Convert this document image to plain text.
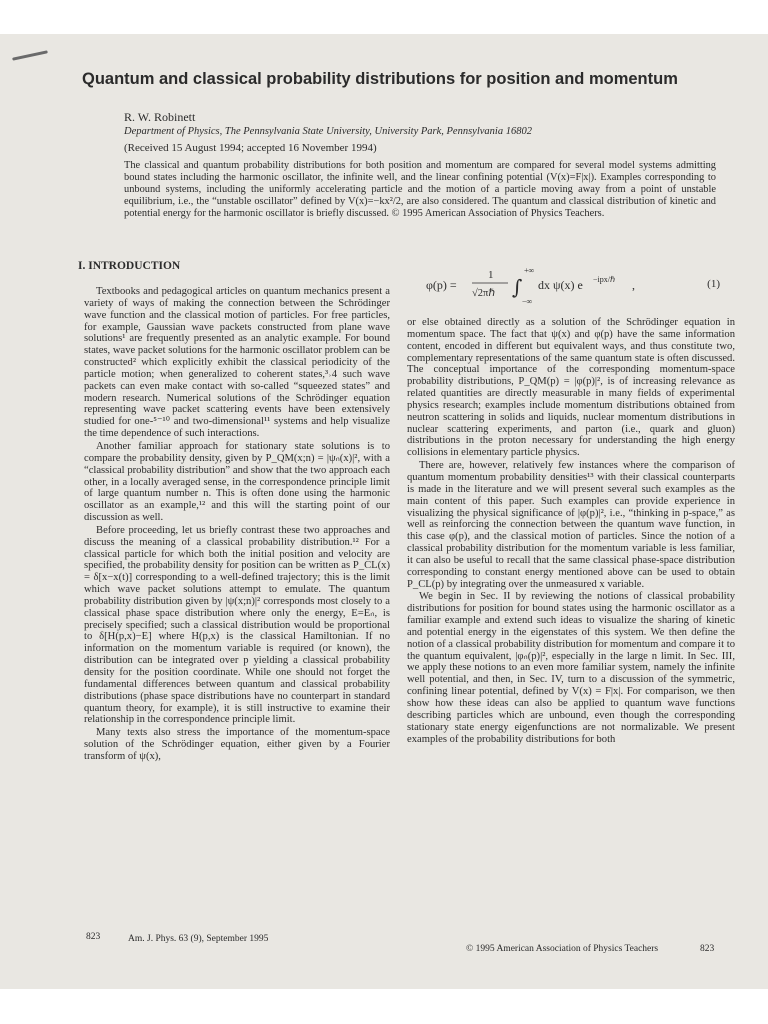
Quantum and classical probability distributions for position and momentum
R. W. Robinett
Department of Physics, The Pennsylvania State University, University Park, Pennsylvania 16802
(Received 15 August 1994; accepted 16 November 1994)
The classical and quantum probability distributions for both position and momentum are compared for several model systems admitting bound states including the harmonic oscillator, the infinite well, and the linear confining potential (V(x)=F|x|). Examples corresponding to unbound systems, including the uniformly accelerating particle and the motion of a particle moving away from a point of unstable equilibrium, i.e., the “unstable oscillator” defined by V(x)=−kx²/2, are also considered. The quantum and classical distribution of kinetic and potential energy for the harmonic oscillator is briefly discussed. © 1995 American Association of Physics Teachers.
I. INTRODUCTION

Textbooks and pedagogical articles on quantum mechanics present a variety of ways of making the connection between the Schrödinger wave function and the classical motion of particles. For free particles, for example, Gaussian wave packets constructed from plane wave solutions¹ are frequently presented as an analytic example. For bound states, wave packet solutions for the harmonic oscillator problem can be constructed² which explicitly exhibit the classical periodicity of the particle motion; when generalized to coherent states,³˒4 such wave packets can even make contact with so-called “squeezed states” and modern research. Numerical solutions of the Schrödinger equation representing wave packet scattering events have been extensively studied for one-⁵⁻¹⁰ and two-dimensional¹¹ systems and help visualize the time dependence of such interactions.

Another familiar approach for stationary state solutions is to compare the probability density, given by P_QM(x;n) = |ψₙ(x)|², with a “classical probability distribution” and show that the two approach each other, in a locally averaged sense, in the correspondence principle limit of large quantum number n. This is often done using the harmonic oscillator as an example,¹² and this will the starting point of our discussion as well.

Before proceeding, let us briefly contrast these two approaches and discuss the meaning of a classical probability distribution.¹² For a classical particle for which both the initial position and velocity are specified, the probability density for position can be written as P_CL(x) = δ[x−x(t)] corresponding to a well-defined trajectory; this is the limit which wave packet solutions attempt to emulate. The quantum probability distribution given by |ψ(x;n)|² corresponds most closely to a classical phase space distribution where only the energy, E=Eₙ, is precisely specified; such a classical distribution would be proportional to δ[H(p,x)−E] where H(p,x) is the classical Hamiltonian. If no information on the momentum variable is required (or known), the distribution can be integrated over p yielding a classical probability density for the position coordinate. While one should not forget the fundamental differences between quantum and classical probability distributions (phase space distributions have no counterpart in standard quantum theory, for example), it is still instructive to examine their relationship in the correspondence principle limit.

Many texts also stress the importance of the momentum-space solution of the Schrödinger equation, either given by a Fourier transform of ψ(x),

φ(p) =
1
√2πℏ ∫
+∞
−∞
dx ψ(x) e −ipx/ℏ ,	(1)

or else obtained directly as a solution of the Schrödinger equation in momentum space. The fact that ψ(x) and φ(p) have the same information content, encoded in different but equivalent ways, and thus constitute two, complementary representations of the same quantum state is often discussed. The conceptual importance of the corresponding momentum-space probability distributions, P_QM(p) = |φ(p)|², is of increasing relevance as related quantities are directly measurable in many fields of experimental physics research; examples include momentum distributions obtained from neutron scattering in solids and liquids, nuclear momentum distributions in nuclear scattering experiments, and parton (i.e., quark and gluon) distributions in the proton necessary for understanding the high energy collisions in elementary particle physics.

There are, however, relatively few instances where the comparison of quantum momentum probability densities¹³ with their classical counterparts is made in the literature and we will present several such examples as the main content of this paper. Such examples can provide experience in visualizing the physical significance of |φ(p)|², i.e., “thinking in p-space,” as well as reinforcing the connection between the quantum wave function, in this case φ(p), and the classical motion of particles. Since the notion of a classical probability distribution for the momentum variable is less familiar, it can also be useful to recall that the same classical phase-space distribution corresponding to constant energy mentioned above can be used to obtain P_CL(p) by integrating over the unmeasured x variable.

We begin in Sec. II by reviewing the notions of classical probability distributions for position for bound states using the harmonic oscillator as a familiar example and extend such ideas to visualize the sharing of kinetic and potential energy in the eigenstates of this system. We then define the notion of a classical probability distribution for momentum and compare it to the quantum equivalent, |φₙ(p)|², especially in the large n limit. In Sec. III, we apply these notions to an even more familiar system, namely the infinite well potential, and then, in Sec. IV, turn to a discussion of the symmetric, confining linear potential, defined by V(x) = F|x|. For comparison, we then show how these ideas can also be applied to quantum wave functions describing particles which are unbound, even though the corresponding stationary state energy eigenfunctions are not normalizable. We present examples of the probability distributions for both

823	Am. J. Phys. 63 (9), September 1995
© 1995 American Association of Physics Teachers	823
